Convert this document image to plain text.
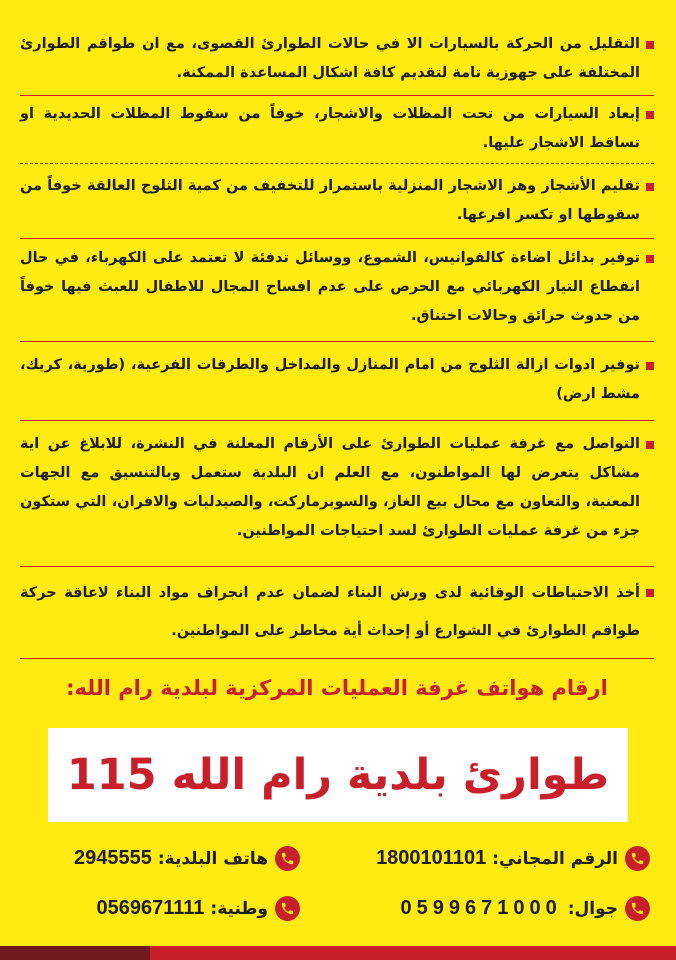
التقليل من الحركة بالسيارات الا في حالات الطوارئ القصوى، مع ان طواقم الطوارئ المختلفة على جهوزية تامة لتقديم كافة اشكال المساعدة الممكنة.
إبعاد السيارات من تحت المظلات والاشجار، خوفاً من سقوط المظلات الحديدية او تساقط الاشجار عليها.
تقليم الأشجار وهز الاشجار المنزلية باستمرار للتخفيف من كمية الثلوج العالقة خوفاً من سقوطها او تكسر افرعها.
توفير بدائل اضاءة كالفوانيس، الشموع، ووسائل تدفئة لا تعتمد على الكهرباء، في حال انقطاع التيار الكهربائي مع الحرص على عدم افساح المجال للاطفال للعبث فيها خوفاً من حدوث حرائق وحالات اختناق.
توفير ادوات ازالة الثلوج من امام المنازل والمداخل والطرقات الفرعية، (طورية، كريك، مشط ارض)
التواصل مع غرفة عمليات الطوارئ على الأرقام المعلنة في النشرة، للابلاغ عن اية مشاكل يتعرض لها المواطنون، مع العلم ان البلدية ستعمل وبالتنسيق مع الجهات المعنية، والتعاون مع محال بيع الغاز، والسوبرماركت، والصيدليات والافران، التي ستكون جزء من غرفة عمليات الطوارئ لسد احتياجات المواطنين.
أخذ الاحتياطات الوقائية لدى ورش البناء لضمان عدم انجراف مواد البناء لاعاقة حركة طواقم الطوارئ في الشوارع أو إحداث أية مخاطر على المواطنين.
ارقام هواتف غرفة العمليات المركزية لبلدية رام الله:
طوارئ بلدية رام الله 115
الرقم المجاني:
1800101101
هاتف البلدية:
2945555
جوال:
0599671000
وطنية:
0569671111
